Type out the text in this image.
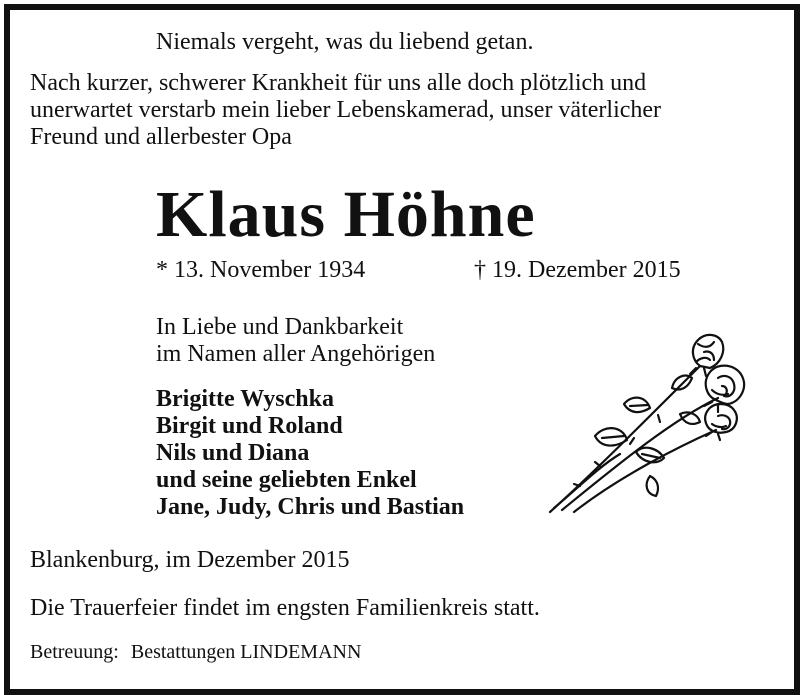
Niemals vergeht, was du liebend getan.
Nach kurzer, schwerer Krankheit für uns alle doch plötzlich und
unerwartet verstarb mein lieber Lebenskamerad, unser väterlicher
Freund und allerbester Opa
Klaus Höhne
* 13. November 1934	† 19. Dezember 2015
In Liebe und Dankbarkeit
im Namen aller Angehörigen
Brigitte Wyschka
Birgit und Roland
Nils und Diana
und seine geliebten Enkel
Jane, Judy, Chris und Bastian
Blankenburg, im Dezember 2015
Die Trauerfeier findet im engsten Familienkreis statt.
Betreuung: Bestattungen LINDEMANN
